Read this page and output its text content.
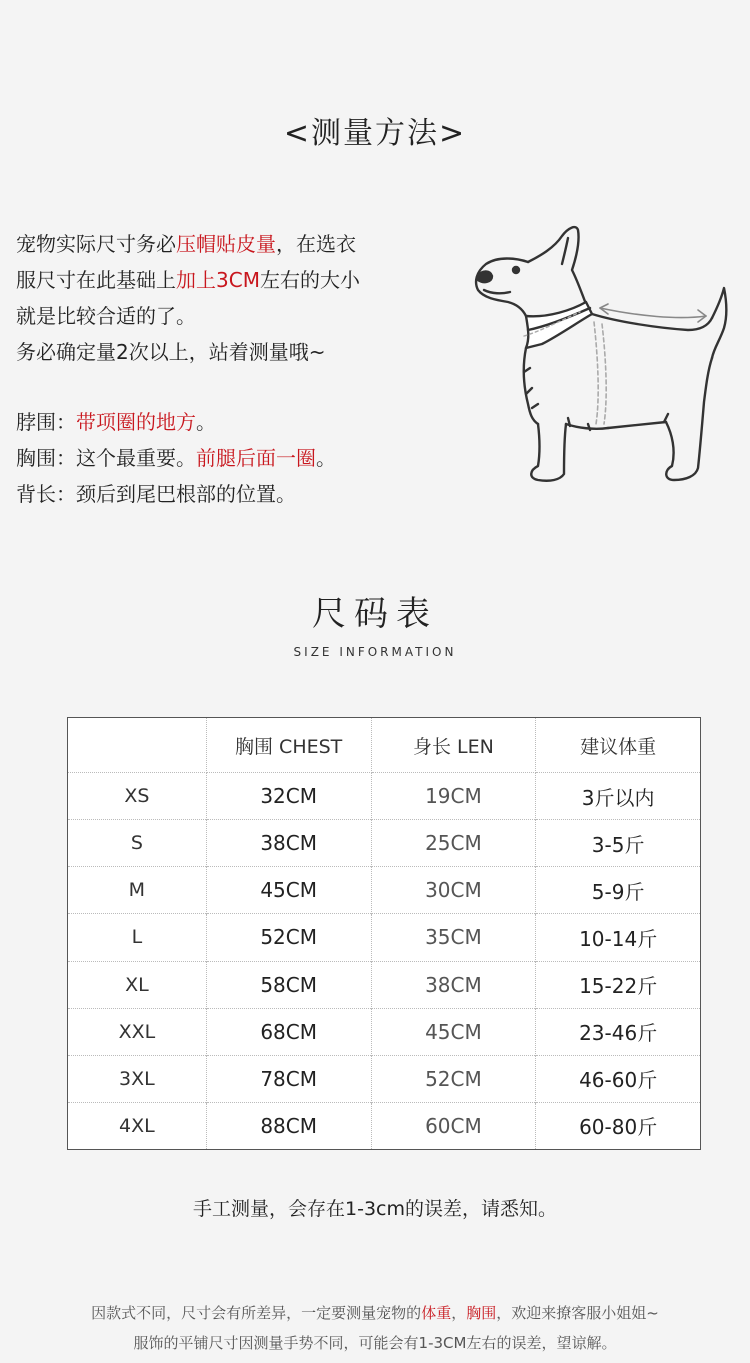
<测量方法>
宠物实际尺寸务必压帽贴皮量，在选衣
服尺寸在此基础上加上3CM左右的大小
就是比较合适的了。
务必确定量2次以上，站着测量哦~
脖围：带项圈的地方。
胸围：这个最重要。前腿后面一圈。
背长：颈后到尾巴根部的位置。
尺码表
SIZE INFORMATION
	胸围 CHEST	身长 LEN	建议体重
XS	32CM	19CM	3斤以内
S	38CM	25CM	3-5斤
M	45CM	30CM	5-9斤
L	52CM	35CM	10-14斤
XL	58CM	38CM	15-22斤
XXL	68CM	45CM	23-46斤
3XL	78CM	52CM	46-60斤
4XL	88CM	60CM	60-80斤
手工测量，会存在1-3cm的误差，请悉知。
因款式不同，尺寸会有所差异，一定要测量宠物的体重，胸围，欢迎来撩客服小姐姐~
服饰的平铺尺寸因测量手势不同，可能会有1-3CM左右的误差，望谅解。
